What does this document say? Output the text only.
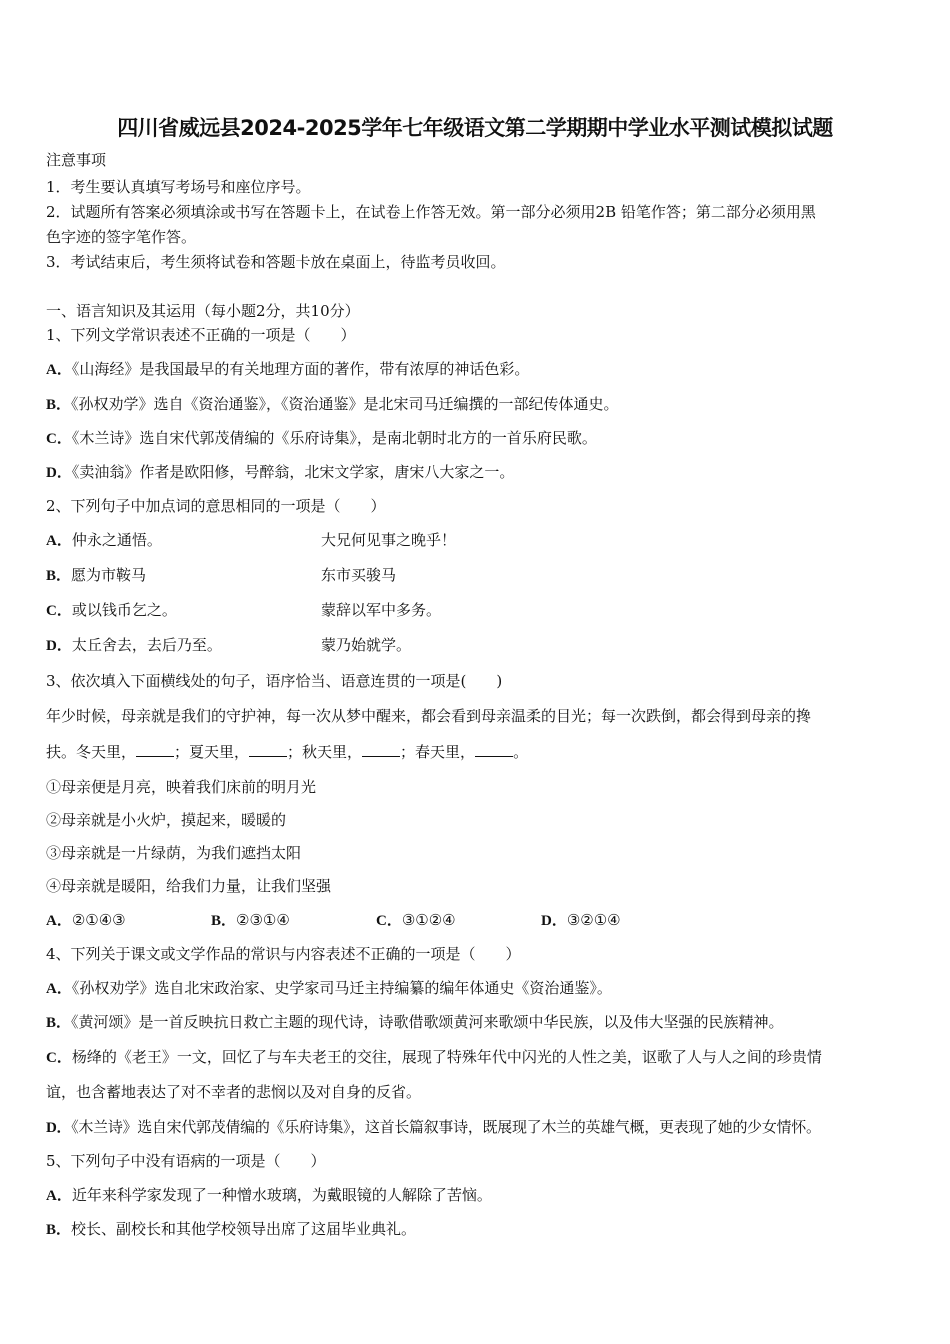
四川省威远县2024-2025学年七年级语文第二学期期中学业水平测试模拟试题
注意事项
1．考生要认真填写考场号和座位序号。
2．试题所有答案必须填涂或书写在答题卡上，在试卷上作答无效。第一部分必须用2B 铅笔作答；第二部分必须用黑
色字迹的签字笔作答。
3．考试结束后，考生须将试卷和答题卡放在桌面上，待监考员收回。
一、语言知识及其运用（每小题2分，共10分）
1、下列文学常识表述不正确的一项是（　　）
A．《山海经》是我国最早的有关地理方面的著作，带有浓厚的神话色彩。
B．《孙权劝学》选自《资治通鉴》，《资治通鉴》是北宋司马迁编撰的一部纪传体通史。
C．《木兰诗》选自宋代郭茂倩编的《乐府诗集》，是南北朝时北方的一首乐府民歌。
D．《卖油翁》作者是欧阳修，号醉翁，北宋文学家，唐宋八大家之一。
2、下列句子中加点词的意思相同的一项是（　　）
A．仲永之通悟。	大兄何见事之晚乎！
B．愿为市鞍马	东市买骏马
C．或以钱币乞之。	蒙辞以军中多务。
D．太丘舍去，去后乃至。	蒙乃始就学。
3、依次填入下面横线处的句子，语序恰当、语意连贯的一项是(　　)
年少时候，母亲就是我们的守护神，每一次从梦中醒来，都会看到母亲温柔的目光；每一次跌倒，都会得到母亲的搀
扶。冬天里，	；夏天里，	；秋天里，	；春天里，	。
①母亲便是月亮，映着我们床前的明月光
②母亲就是小火炉，摸起来，暖暖的
③母亲就是一片绿荫，为我们遮挡太阳
④母亲就是暖阳，给我们力量，让我们坚强
A．②①④③	B．②③①④	C．③①②④	D．③②①④
4、下列关于课文或文学作品的常识与内容表述不正确的一项是（　　）
A．《孙权劝学》选自北宋政治家、史学家司马迁主持编纂的编年体通史《资治通鉴》。
B．《黄河颂》是一首反映抗日救亡主题的现代诗，诗歌借歌颂黄河来歌颂中华民族，以及伟大坚强的民族精神。
C．杨绛的《老王》一文，回忆了与车夫老王的交往，展现了特殊年代中闪光的人性之美，讴歌了人与人之间的珍贵情
谊，也含蓄地表达了对不幸者的悲悯以及对自身的反省。
D．《木兰诗》选自宋代郭茂倩编的《乐府诗集》，这首长篇叙事诗，既展现了木兰的英雄气概，更表现了她的少女情怀。
5、下列句子中没有语病的一项是（　　）
A．近年来科学家发现了一种憎水玻璃，为戴眼镜的人解除了苦恼。
B．校长、副校长和其他学校领导出席了这届毕业典礼。
